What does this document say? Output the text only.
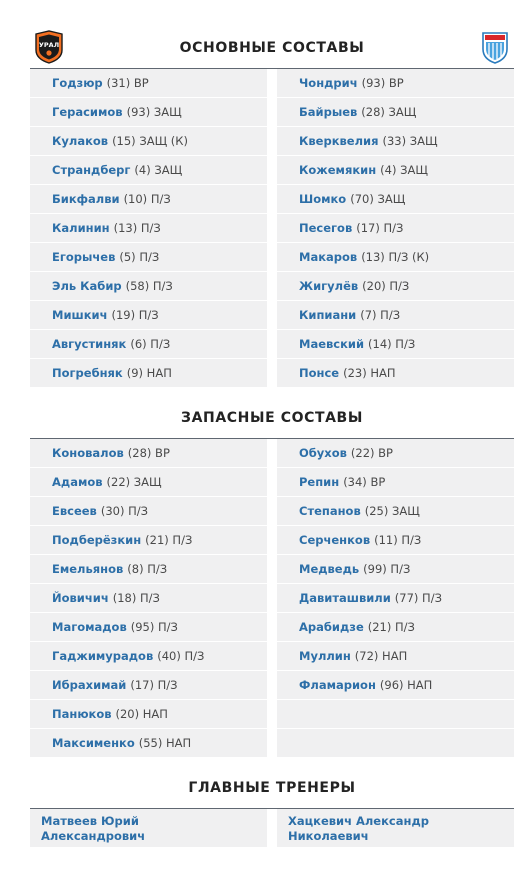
УРАЛ	ОСНОВНЫЕ СОСТАВЫ
Годзюр (31) ВР
Герасимов (93) ЗАЩ
Кулаков (15) ЗАЩ (К)
Страндберг (4) ЗАЩ
Бикфалви (10) П/З
Калинин (13) П/З
Егорычев (5) П/З
Эль Кабир (58) П/З
Мишкич (19) П/З
Августиняк (6) П/З
Погребняк (9) НАП
Чондрич (93) ВР
Байрыев (28) ЗАЩ
Кверквелия (33) ЗАЩ
Кожемякин (4) ЗАЩ
Шомко (70) ЗАЩ
Песегов (17) П/З
Макаров (13) П/З (К)
Жигулёв (20) П/З
Кипиани (7) П/З
Маевский (14) П/З
Понсе (23) НАП
ЗАПАСНЫЕ СОСТАВЫ
Коновалов (28) ВР
Адамов (22) ЗАЩ
Евсеев (30) П/З
Подберёзкин (21) П/З
Емельянов (8) П/З
Йовичич (18) П/З
Магомадов (95) П/З
Гаджимурадов (40) П/З
Ибрахимай (17) П/З
Панюков (20) НАП
Максименко (55) НАП
Обухов (22) ВР
Репин (34) ВР
Степанов (25) ЗАЩ
Серченков (11) П/З
Медведь (99) П/З
Давиташвили (77) П/З
Арабидзе (21) П/З
Муллин (72) НАП
Фламарион (96) НАП
ГЛАВНЫЕ ТРЕНЕРЫ
Матвеев Юрий
Александрович
Хацкевич Александр
Николаевич
